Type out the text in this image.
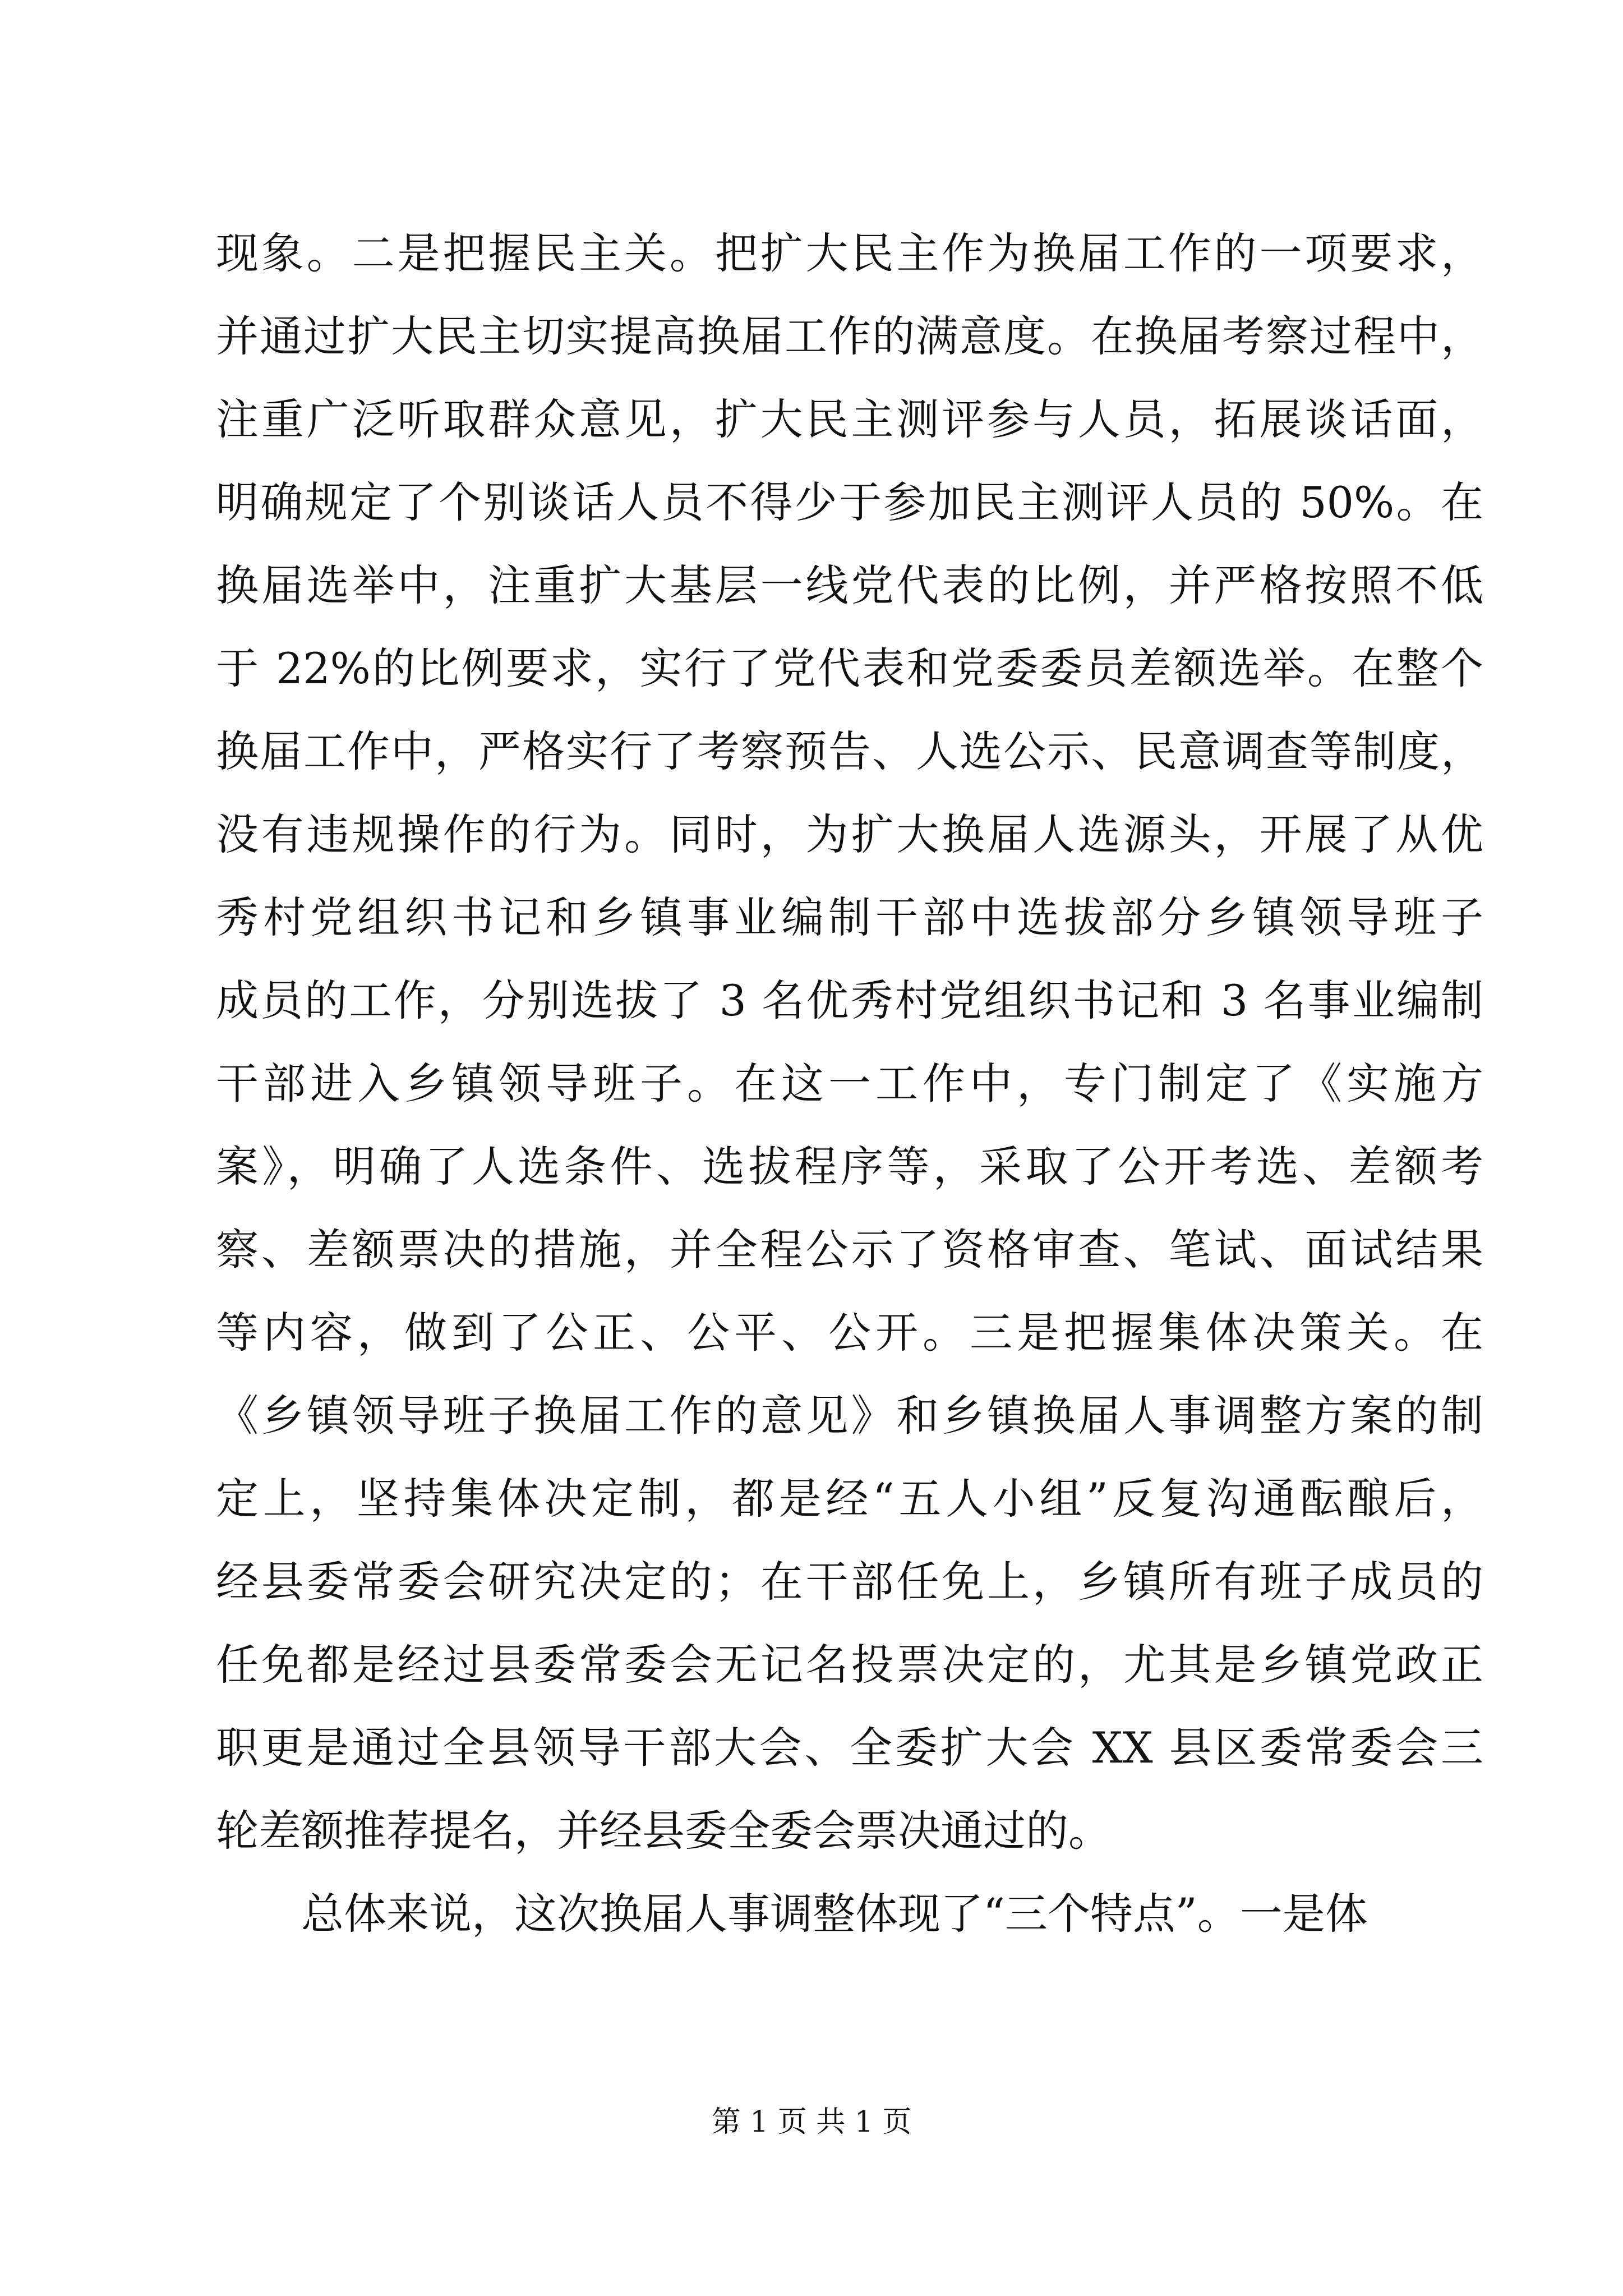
现象。二是把握民主关。把扩大民主作为换届工作的一项要求，
并通过扩大民主切实提高换届工作的满意度。在换届考察过程中，
注重广泛听取群众意见，扩大民主测评参与人员，拓展谈话面，
明确规定了个别谈话人员不得少于参加民主测评人员的 50%。在
换届选举中，注重扩大基层一线党代表的比例，并严格按照不低
于 22%的比例要求，实行了党代表和党委委员差额选举。在整个
换届工作中，严格实行了考察预告、人选公示、民意调查等制度，
没有违规操作的行为。同时，为扩大换届人选源头，开展了从优
秀村党组织书记和乡镇事业编制干部中选拔部分乡镇领导班子
成员的工作，分别选拔了 3 名优秀村党组织书记和 3 名事业编制
干部进入乡镇领导班子。在这一工作中，专门制定了《实施方
案》，明确了人选条件、选拔程序等，采取了公开考选、差额考
察、差额票决的措施，并全程公示了资格审查、笔试、面试结果
等内容，做到了公正、公平、公开。三是把握集体决策关。在
《乡镇领导班子换届工作的意见》和乡镇换届人事调整方案的制
定上，坚持集体决定制，都是经“五人小组”反复沟通酝酿后，
经县委常委会研究决定的；在干部任免上，乡镇所有班子成员的
任免都是经过县委常委会无记名投票决定的，尤其是乡镇党政正
职更是通过全县领导干部大会、全委扩大会 XX 县区委常委会三
轮差额推荐提名，并经县委全委会票决通过的。
总体来说，这次换届人事调整体现了“三个特点”。一是体
第 1 页 共 1 页
